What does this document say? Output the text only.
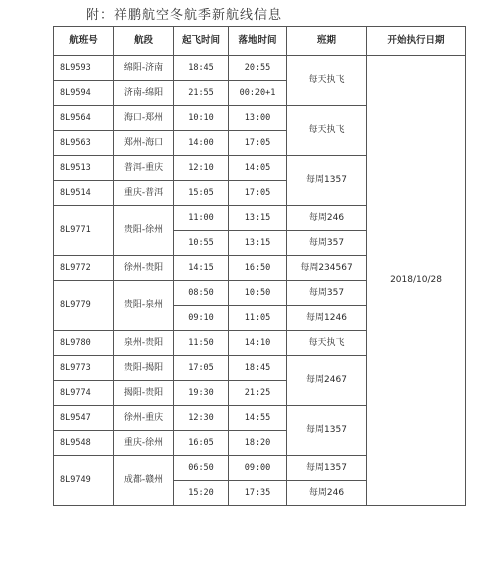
附：祥鹏航空冬航季新航线信息
航班号	航段	起飞时间	落地时间	班期	开始执行日期
8L9593	绵阳-济南	18:45	20:55	每天执飞	2018/10/28
8L9594	济南-绵阳	21:55	00:20+1		
8L9564	海口-郑州	10:10	13:00	每天执飞	
8L9563	郑州-海口	14:00	17:05		
8L9513	普洱-重庆	12:10	14:05	每周1357	
8L9514	重庆-普洱	15:05	17:05		
8L9771	贵阳-徐州	11:00	13:15	每周246	
		10:55	13:15	每周357	
8L9772	徐州-贵阳	14:15	16:50	每周234567	
8L9779	贵阳-泉州	08:50	10:50	每周357	
		09:10	11:05	每周1246	
8L9780	泉州-贵阳	11:50	14:10	每天执飞	
8L9773	贵阳-揭阳	17:05	18:45	每周2467	
8L9774	揭阳-贵阳	19:30	21:25		
8L9547	徐州-重庆	12:30	14:55	每周1357	
8L9548	重庆-徐州	16:05	18:20		
8L9749	成都-赣州	06:50	09:00	每周1357	
		15:20	17:35	每周246	
